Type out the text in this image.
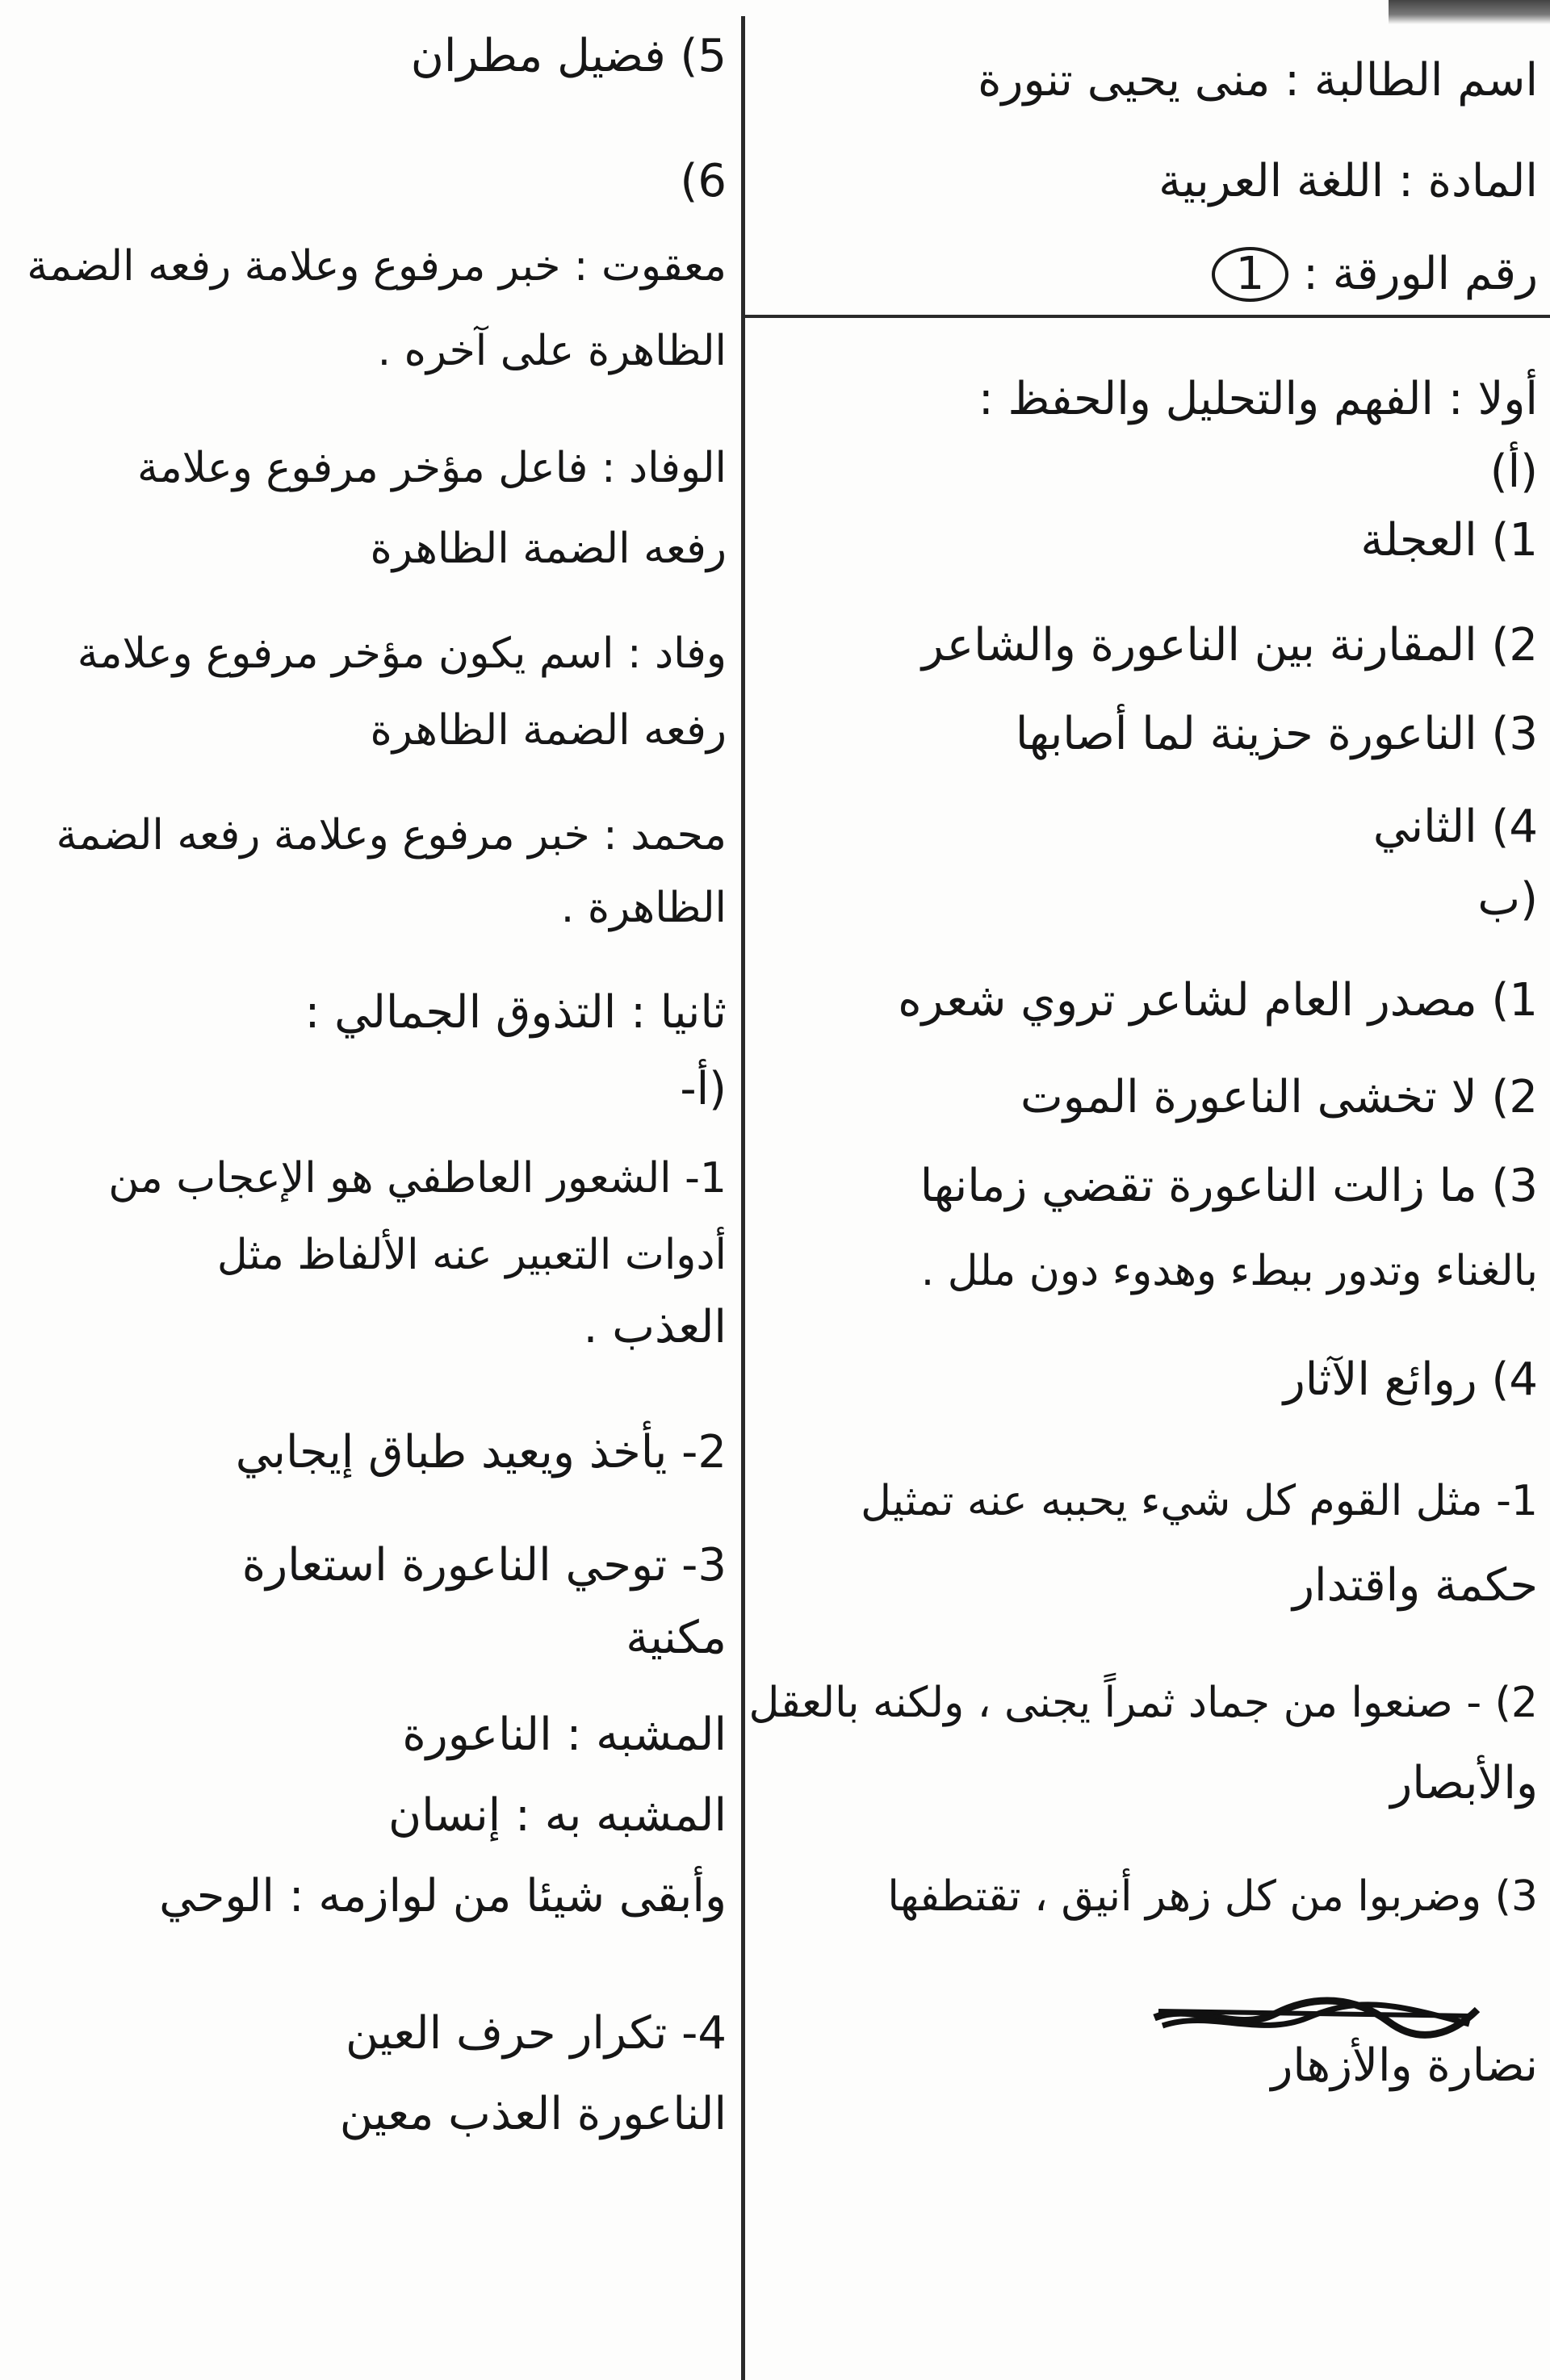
اسم الطالبة : منى يحيى تنورة
المادة : اللغة العربية
رقم الورقة : 1
أولا : الفهم والتحليل والحفظ :
(أ)
1) العجلة
2) المقارنة بين الناعورة والشاعر
3) الناعورة حزينة لما أصابها
4) الثاني
(ب
1) مصدر العام لشاعر تروي شعره
2) لا تخشى الناعورة الموت
3) ما زالت الناعورة تقضي زمانها
بالغناء وتدور ببطء وهدوء دون ملل .
4) روائع الآثار
1- مثل القوم كل شيء يحببه عنه تمثيل
حكمة واقتدار
2) - صنعوا من جماد ثمراً يجنى ، ولكنه بالعقل
والأبصار
3) وضربوا من كل زهر أنيق ، تقتطفها
نضارة والأزهار
5) فضيل مطران
6)
معقوت : خبر مرفوع وعلامة رفعه الضمة
الظاهرة على آخره .
الوفاد : فاعل مؤخر مرفوع وعلامة
رفعه الضمة الظاهرة
وفاد : اسم يكون مؤخر مرفوع وعلامة
رفعه الضمة الظاهرة
محمد : خبر مرفوع وعلامة رفعه الضمة
الظاهرة .
ثانيا : التذوق الجمالي :
(أ-
1- الشعور العاطفي هو الإعجاب من
أدوات التعبير عنه الألفاظ مثل
العذب .
2- يأخذ ويعيد طباق إيجابي
3- توحي الناعورة استعارة
مكنية
المشبه : الناعورة
المشبه به : إنسان
وأبقى شيئا من لوازمه : الوحي
4- تكرار حرف العين
الناعورة العذب معين
